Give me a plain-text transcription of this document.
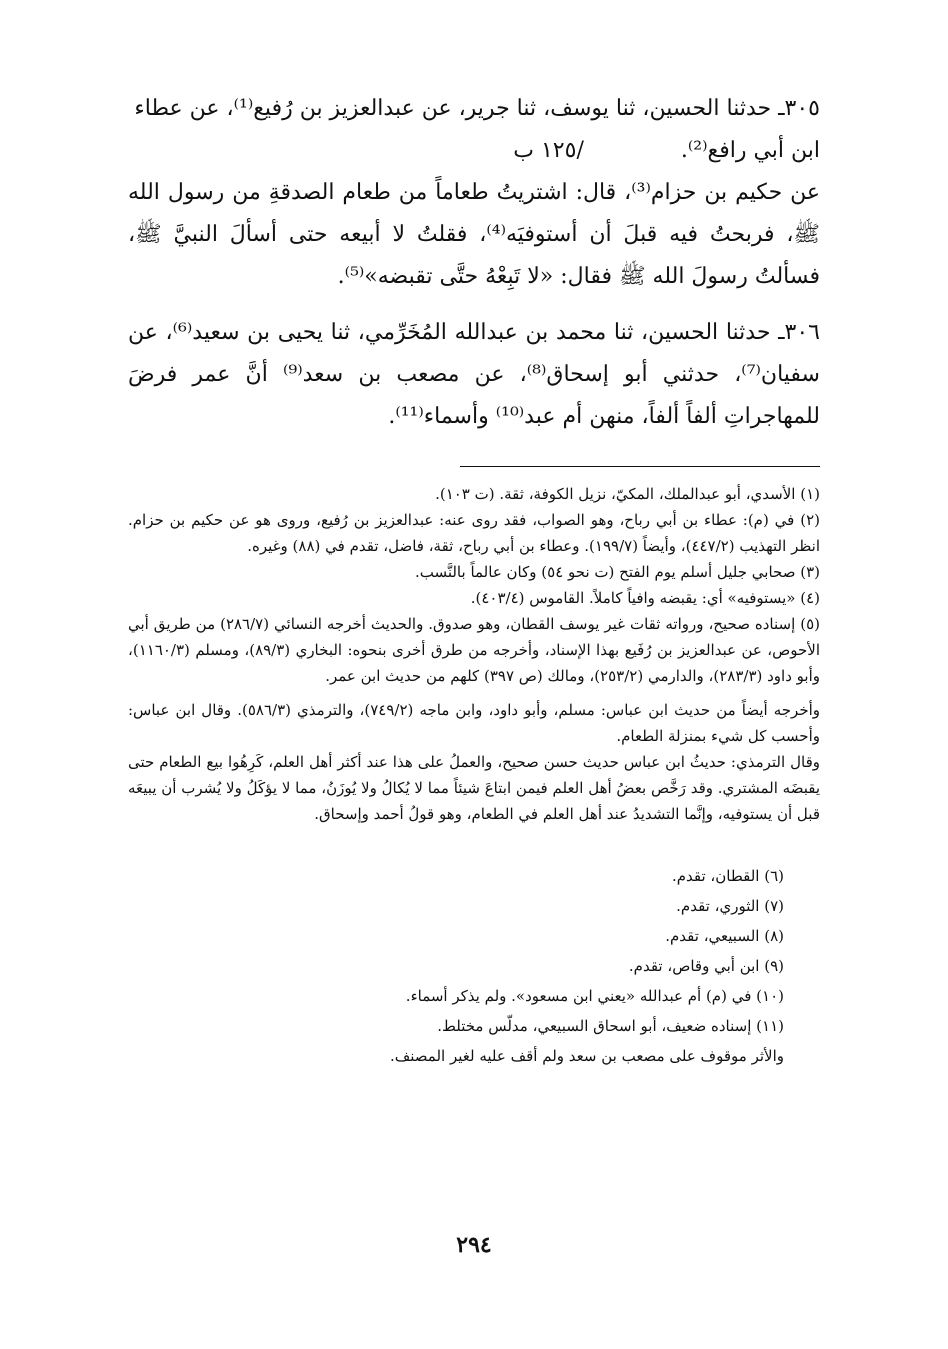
٣٠٥ـ حدثنا الحسين، ثنا يوسف، ثنا جرير، عن عبدالعزيز بن رُفيع⁽¹⁾، عن عطاء

ابن أبي رافع⁽²⁾. /١٢٥ ب

عن حكيم بن حزام⁽³⁾، قال: اشتريتُ طعاماً من طعام الصدقةِ من رسول الله ﷺ، فربحتُ فيه قبلَ أن أستوفيَه⁽⁴⁾، فقلتُ لا أبيعه حتى أسألَ النبيَّ ﷺ، فسألتُ رسولَ الله ﷺ فقال: «لا تَبِعْهُ حتَّى تقبضه»⁽⁵⁾.

٣٠٦ـ حدثنا الحسين، ثنا محمد بن عبدالله المُخَرِّمي، ثنا يحيى بن سعيد⁽⁶⁾، عن سفيان⁽⁷⁾، حدثني أبو إسحاق⁽⁸⁾، عن مصعب بن سعد⁽⁹⁾ أنَّ عمر فرضَ للمهاجراتِ ألفاً ألفاً، منهن أم عبد⁽¹⁰⁾ وأسماء⁽¹¹⁾.

(١) الأسدي، أبو عبدالملك، المكيّ، نزيل الكوفة، ثقة. (ت ١٠٣).

(٢) في (م): عطاء بن أبي رباح، وهو الصواب، فقد روى عنه: عبدالعزيز بن رُفيع، وروى هو عن حكيم بن حزام. انظر التهذيب (٤٤٧/٢)، وأيضاً (١٩٩/٧). وعطاء بن أبي رباح، ثقة، فاضل، تقدم في (٨٨) وغيره.

(٣) صحابي جليل أسلم يوم الفتح (ت نحو ٥٤) وكان عالماً بالنَّسب.

(٤) «يستوفيه» أي: يقبضه وافياً كاملاً. القاموس (٤٠٣/٤).

(٥) إسناده صحيح، ورواته ثقات غير يوسف القطان، وهو صدوق. والحديث أخرجه النسائي (٢٨٦/٧) من طريق أبي الأحوص، عن عبدالعزيز بن رُفَيع بهذا الإسناد، وأخرجه من طرق أخرى بنحوه: البخاري (٨٩/٣)، ومسلم (١١٦٠/٣)، وأبو داود (٢٨٣/٣)، والدارمي (٢٥٣/٢)، ومالك (ص ٣٩٧) كلهم من حديث ابن عمر.

وأخرجه أيضاً من حديث ابن عباس: مسلم، وأبو داود، وابن ماجه (٧٤٩/٢)، والترمذي (٥٨٦/٣). وقال ابن عباس: وأحسب كل شيء بمنزلة الطعام.

وقال الترمذي: حديثُ ابن عباس حديث حسن صحيح، والعملُ على هذا عند أكثر أهل العلم، كَرِهُوا بيع الطعام حتى يقبضَه المشتري. وقد رَخَّص بعضُ أهل العلم فيمن ابتاعَ شيئاً مما لا يُكالُ ولا يُوزَنُ، مما لا يؤكَلُ ولا يُشرب أن يبيعَه قبل أن يستوفيه، وإنَّما التشديدُ عند أهل العلم في الطعام، وهو قولُ أحمد وإسحاق.

(٦) القطان، تقدم.

(٧) الثوري، تقدم.

(٨) السبيعي، تقدم.

(٩) ابن أبي وقاص، تقدم.

(١٠) في (م) أم عبدالله «يعني ابن مسعود». ولم يذكر أسماء.

(١١) إسناده ضعيف، أبو اسحاق السبيعي، مدلّس مختلط.

والأثر موقوف على مصعب بن سعد ولم أقف عليه لغير المصنف.

٢٩٤
